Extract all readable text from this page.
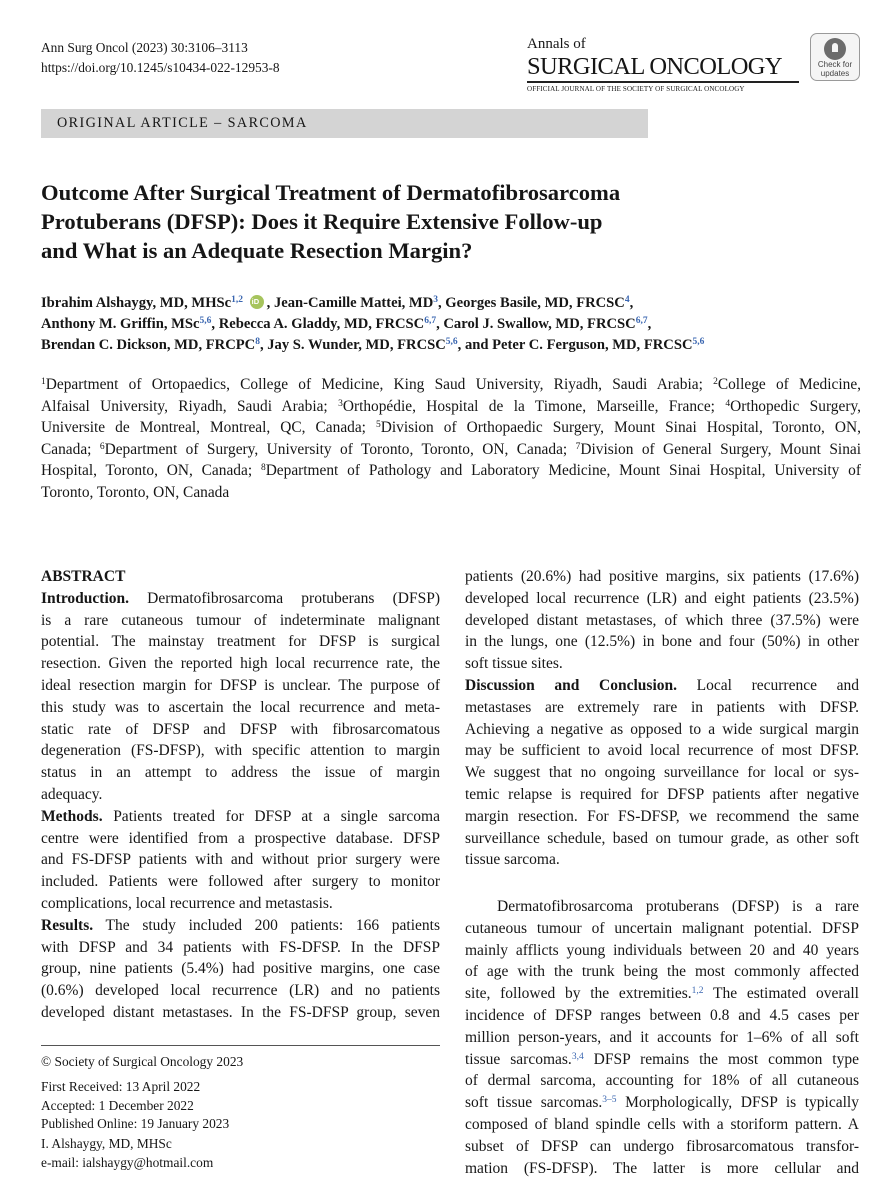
Ann Surg Oncol (2023) 30:3106–3113
https://doi.org/10.1245/s10434-022-12953-8
Annals of
SURGICAL ONCOLOGY
OFFICIAL JOURNAL OF THE SOCIETY OF SURGICAL ONCOLOGY
Check for
updates
ORIGINAL ARTICLE – SARCOMA
Outcome After Surgical Treatment of Dermatofibrosarcoma
Protuberans (DFSP): Does it Require Extensive Follow-up
and What is an Adequate Resection Margin?
Ibrahim Alshaygy, MD, MHSc$^{1,2}$ iD , Jean-Camille Mattei, $MD^3$, Georges Basile, MD, FRCSC$^4$,
Anthony M. Griffin, MSc$^{5,6}$, Rebecca A. Gladdy, MD, FRCSC$^{6,7}$, Carol J. Swallow, MD, FRCSC$^{6,7}$,
Brendan C. Dickson, MD, FRCPC$^8$, Jay S. Wunder, MD, FRCSC$^{5,6}$, and Peter C. Ferguson, MD, FRCSC$^{5,6}$
$^1$Department of Ortopaedics, College of Medicine, King Saud University, Riyadh, Saudi Arabia; $^2$College of Medicine,
Alfaisal University, Riyadh, Saudi Arabia; $^3$Orthopédie, Hospital de la Timone, Marseille, France; $^4$Orthopedic Surgery,
Universite de Montreal, Montreal, QC, Canada; $^5$Division of Orthopaedic Surgery, Mount Sinai Hospital, Toronto, ON,
Canada; $^6$Department of Surgery, University of Toronto, Toronto, ON, Canada; $^7$Division of General Surgery, Mount Sinai
Hospital, Toronto, ON, Canada; $^8$Department of Pathology and Laboratory Medicine, Mount Sinai Hospital, University of
Toronto, Toronto, ON, Canada
ABSTRACT
Introduction. Dermatofibrosarcoma protuberans (DFSP)
is a rare cutaneous tumour of indeterminate malignant
potential. The mainstay treatment for DFSP is surgical
resection. Given the reported high local recurrence rate, the
ideal resection margin for DFSP is unclear. The purpose of
this study was to ascertain the local recurrence and meta-
static rate of DFSP and DFSP with fibrosarcomatous
degeneration (FS-DFSP), with specific attention to margin
status in an attempt to address the issue of margin
adequacy.
Methods. Patients treated for DFSP at a single sarcoma
centre were identified from a prospective database. DFSP
and FS-DFSP patients with and without prior surgery were
included. Patients were followed after surgery to monitor
complications, local recurrence and metastasis.
Results. The study included 200 patients: 166 patients
with DFSP and 34 patients with FS-DFSP. In the DFSP
group, nine patients (5.4%) had positive margins, one case
(0.6%) developed local recurrence (LR) and no patients
developed distant metastases. In the FS-DFSP group, seven
patients (20.6%) had positive margins, six patients (17.6%)
developed local recurrence (LR) and eight patients (23.5%)
developed distant metastases, of which three (37.5%) were
in the lungs, one (12.5%) in bone and four (50%) in other
soft tissue sites.
Discussion and Conclusion. Local recurrence and
metastases are extremely rare in patients with DFSP.
Achieving a negative as opposed to a wide surgical margin
may be sufficient to avoid local recurrence of most DFSP.
We suggest that no ongoing surveillance for local or sys-
temic relapse is required for DFSP patients after negative
margin resection. For FS-DFSP, we recommend the same
surveillance schedule, based on tumour grade, as other soft
tissue sarcoma.
Dermatofibrosarcoma protuberans (DFSP) is a rare
cutaneous tumour of uncertain malignant potential. DFSP
mainly afflicts young individuals between 20 and 40 years
of age with the trunk being the most commonly affected
site, followed by the extremities.$^{1,2}$ The estimated overall
incidence of DFSP ranges between 0.8 and 4.5 cases per
million person-years, and it accounts for 1–6% of all soft
tissue sarcomas.$^{3,4}$ DFSP remains the most common type
of dermal sarcoma, accounting for 18% of all cutaneous
soft tissue sarcomas.$^{3-5}$ Morphologically, DFSP is typically
composed of bland spindle cells with a storiform pattern. A
subset of DFSP can undergo fibrosarcomatous transfor-
mation (FS-DFSP). The latter is more cellular and
© Society of Surgical Oncology 2023
First Received: 13 April 2022
Accepted: 1 December 2022
Published Online: 19 January 2023
I. Alshaygy, MD, MHSc
e-mail: ialshaygy@hotmail.com
